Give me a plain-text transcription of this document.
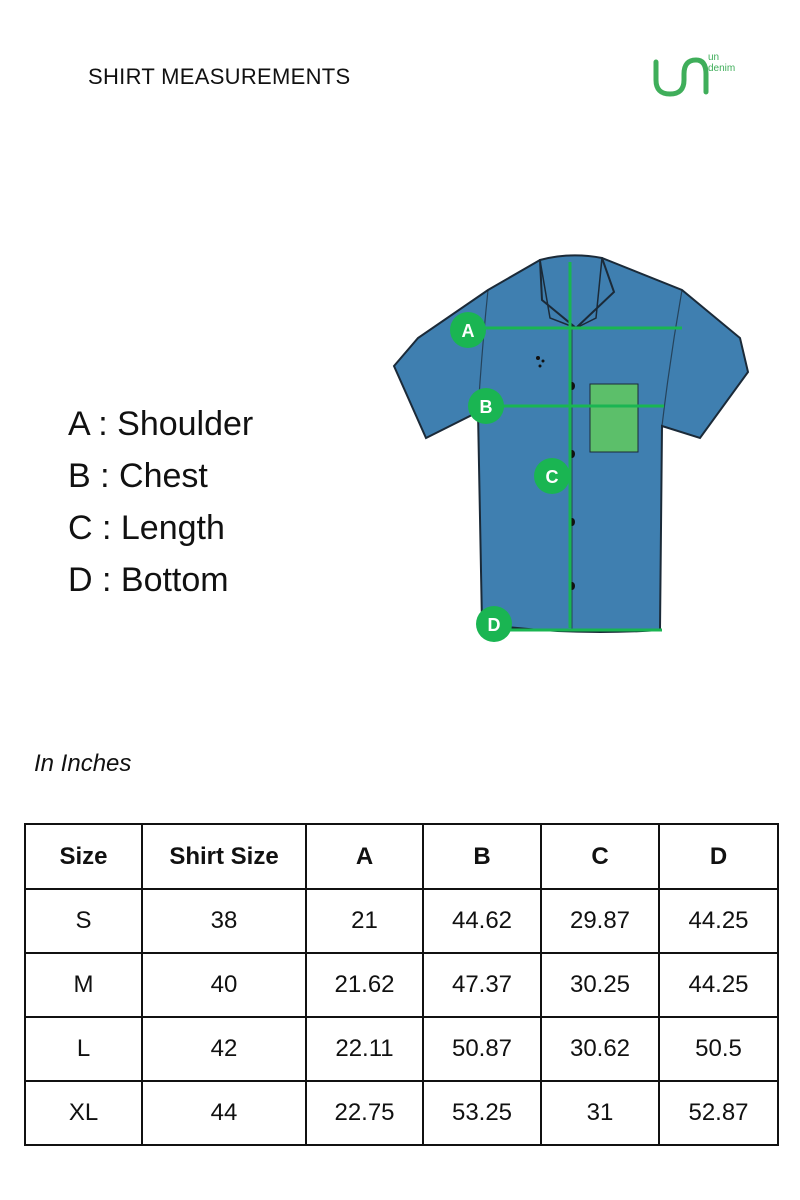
SHIRT MEASUREMENTS
un
denim
A : Shoulder
B : Chest
C : Length
D : Bottom
A
B
C
D
In Inches
Size	Shirt Size	A	B	C	D
S	38	21	44.62	29.87	44.25
M	40	21.62	47.37	30.25	44.25
L	42	22.11	50.87	30.62	50.5
XL	44	22.75	53.25	31	52.87
